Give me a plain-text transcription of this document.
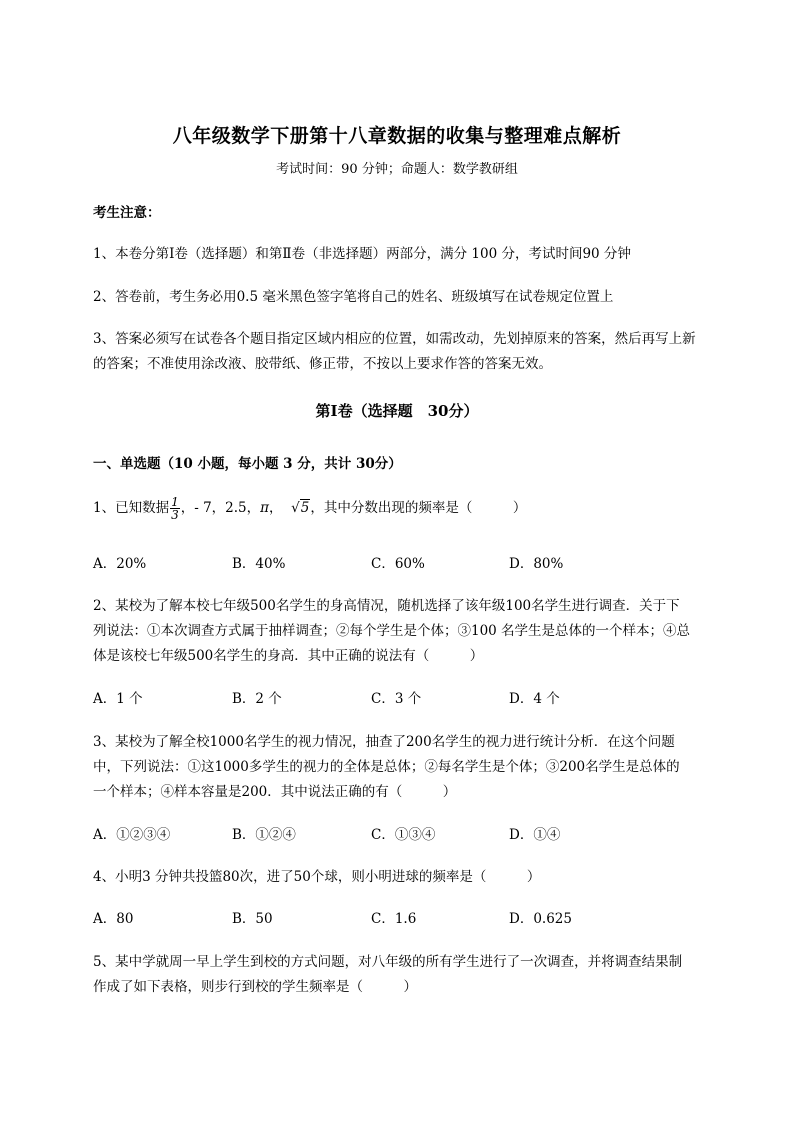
八年级数学下册第十八章数据的收集与整理难点解析
考试时间：90 分钟；命题人：数学教研组
考生注意：
1、本卷分第Ⅰ卷（选择题）和第Ⅱ卷（非选择题）两部分，满分 100 分，考试时间90 分钟
2、答卷前，考生务必用0.5 毫米黑色签字笔将自己的姓名、班级填写在试卷规定位置上
3、答案必须写在试卷各个题目指定区域内相应的位置，如需改动，先划掉原来的答案，然后再写上新
的答案；不准使用涂改液、胶带纸、修正带，不按以上要求作答的答案无效。
第Ⅰ卷（选择题　30分）
一、单选题（10 小题，每小题 3 分，共计 30分）
1、已知数据 $\frac{1}{3}$ ，- 7，2.5，π， √5，其中分数出现的频率是（　　　）
A．20%	B．40%	C．60%	D．80%
2、某校为了解本校七年级500名学生的身高情况，随机选择了该年级100名学生进行调查．关于下
列说法：①本次调查方式属于抽样调查；②每个学生是个体；③100 名学生是总体的一个样本；④总
体是该校七年级500名学生的身高．其中正确的说法有（　　　）
A．1 个	B．2 个	C．3 个	D．4 个
3、某校为了解全校1000名学生的视力情况，抽查了200名学生的视力进行统计分析．在这个问题
中，下列说法：①这1000多学生的视力的全体是总体；②每名学生是个体；③200名学生是总体的
一个样本；④样本容量是200．其中说法正确的有（　　　）
A．①②③④	B．①②④	C．①③④	D．①④
4、小明3 分钟共投篮80次，进了50个球，则小明进球的频率是（　　　）
A．80	B．50	C．1.6	D．0.625
5、某中学就周一早上学生到校的方式问题，对八年级的所有学生进行了一次调查，并将调查结果制
作成了如下表格，则步行到校的学生频率是（　　　）
